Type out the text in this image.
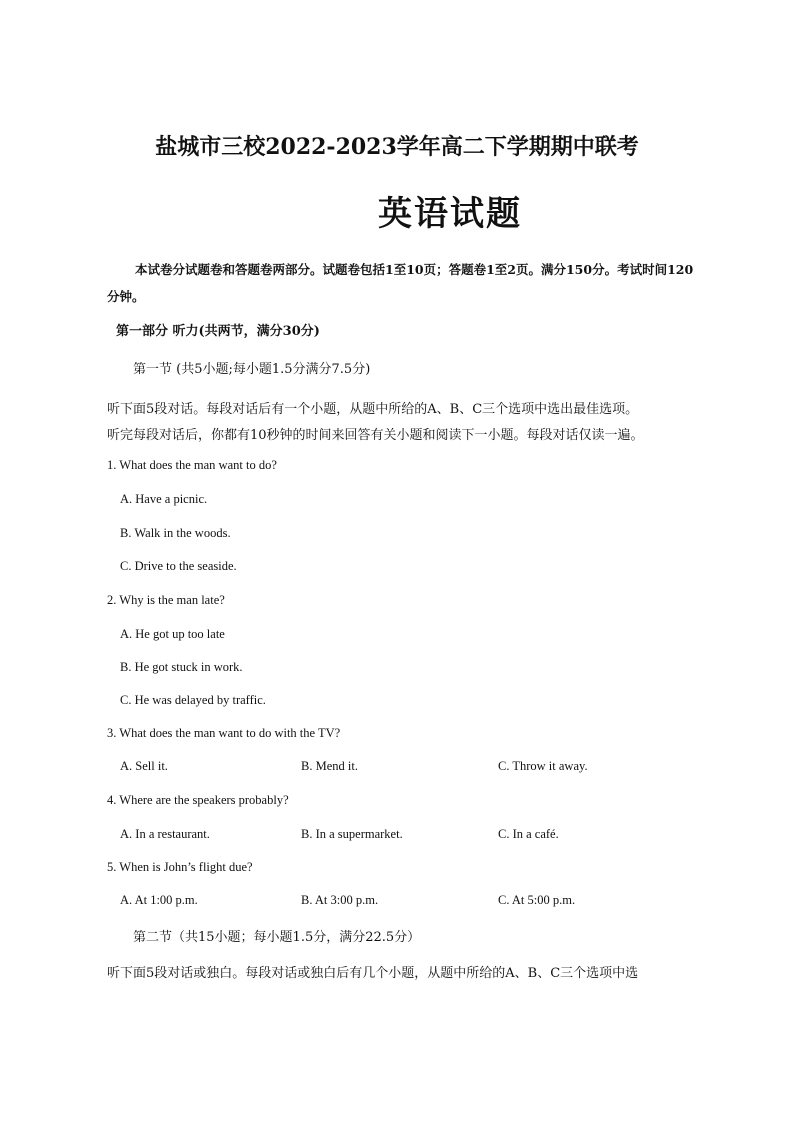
盐城市三校2022-2023学年高二下学期期中联考
英语试题
本试卷分试题卷和答题卷两部分。试题卷包括1至10页；答题卷1至2页。满分150分。考试时间120分钟。
第一部分 听力(共两节，满分30分)
第一节 (共5小题;每小题1.5分满分7.5分)
听下面5段对话。每段对话后有一个小题，从题中所给的A、B、C三个选项中选出最佳选项。
听完每段对话后，你都有10秒钟的时间来回答有关小题和阅读下一小题。每段对话仅读一遍。
1. What does the man want to do?
A. Have a picnic.
B. Walk in the woods.
C. Drive to the seaside.
2. Why is the man late?
A. He got up too late
B. He got stuck in work.
C. He was delayed by traffic.
3. What does the man want to do with the TV?
A. Sell it.	B. Mend it.	C. Throw it away.
4. Where are the speakers probably?
A. In a restaurant.	B. In a supermarket.	C. In a café.
5. When is John’s flight due?
A. At 1:00 p.m.	B. At 3:00 p.m.	C. At 5:00 p.m.
第二节（共15小题；每小题1.5分，满分22.5分）
听下面5段对话或独白。每段对话或独白后有几个小题，从题中所给的A、B、C三个选项中选
